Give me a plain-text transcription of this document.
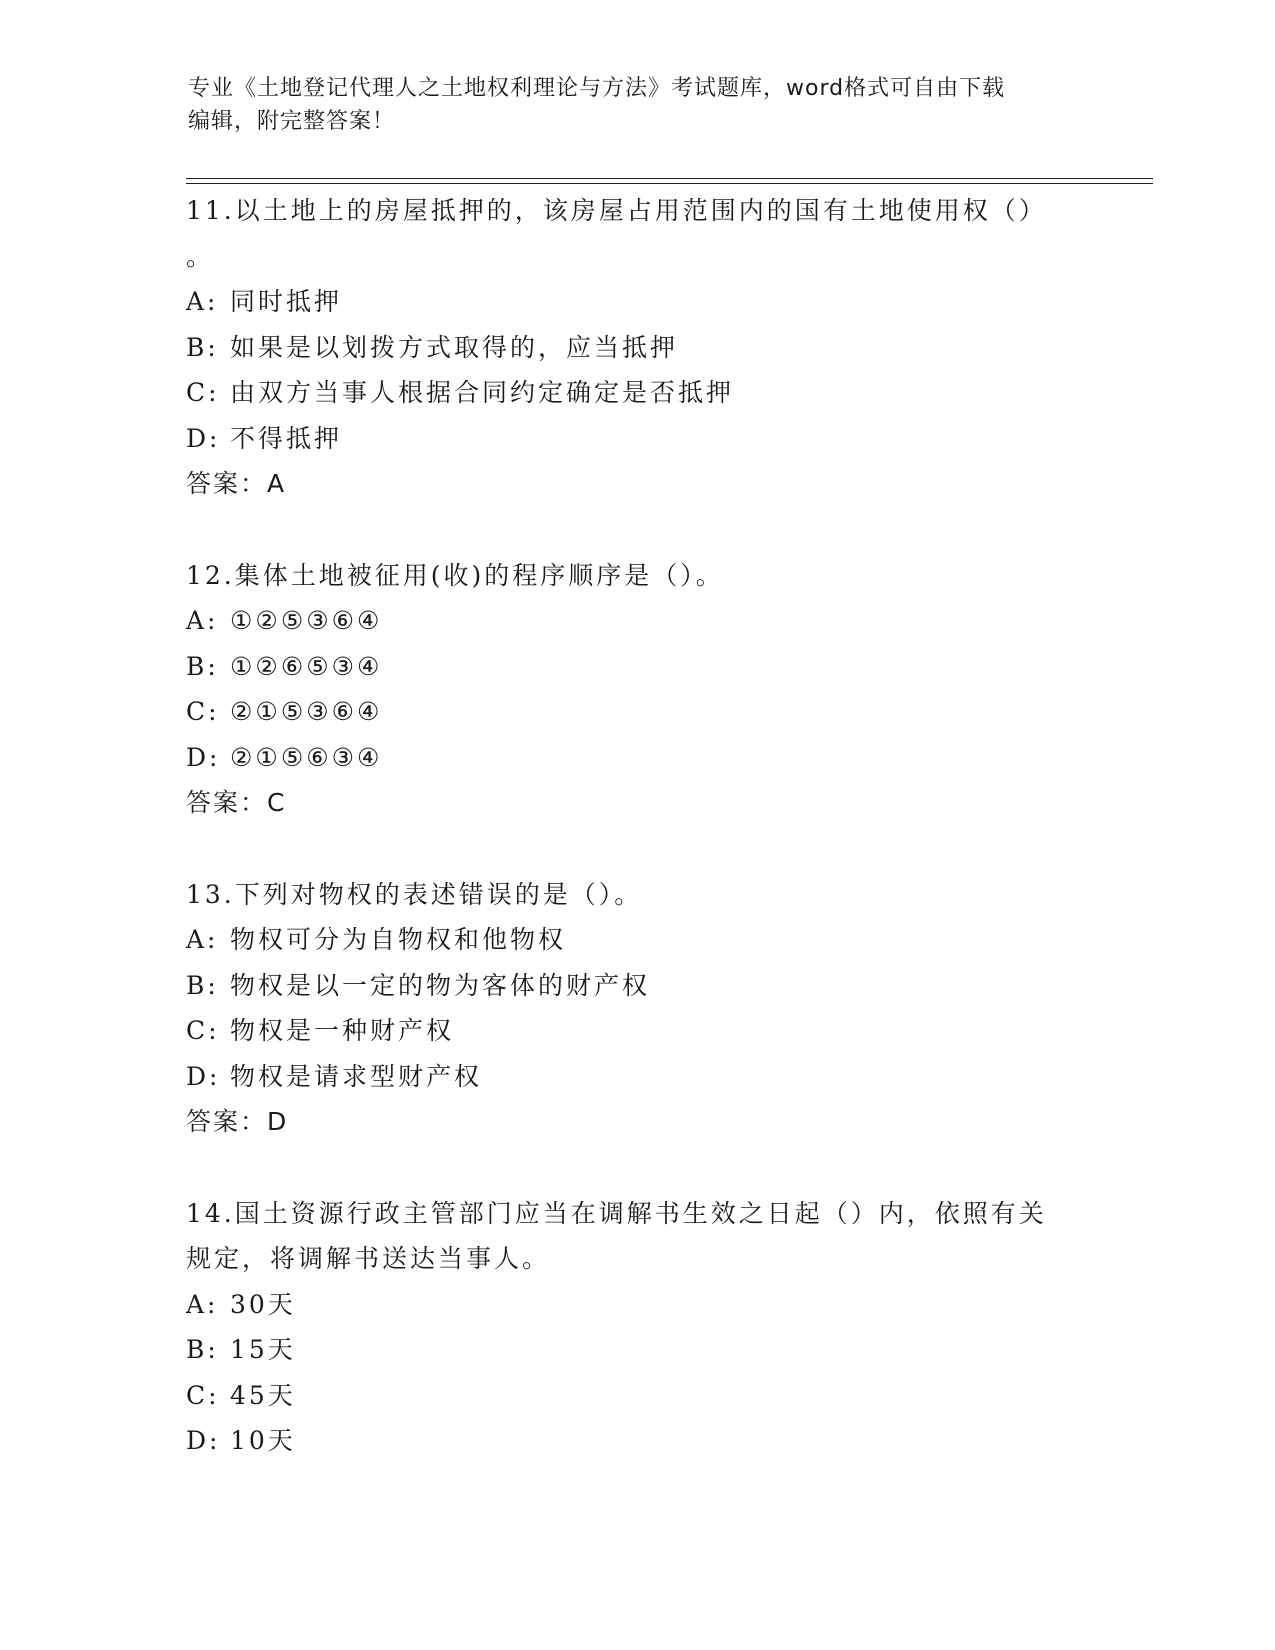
专业《土地登记代理人之土地权利理论与方法》考试题库，word格式可自由下载
编辑，附完整答案！
11.以土地上的房屋抵押的，该房屋占用范围内的国有土地使用权（）
。
A: 同时抵押
B: 如果是以划拨方式取得的，应当抵押
C: 由双方当事人根据合同约定确定是否抵押
D: 不得抵押
答案：A
12.集体土地被征用(收)的程序顺序是（）。
A: ①②⑤③⑥④
B: ①②⑥⑤③④
C: ②①⑤③⑥④
D: ②①⑤⑥③④
答案：C
13.下列对物权的表述错误的是（）。
A: 物权可分为自物权和他物权
B: 物权是以一定的物为客体的财产权
C: 物权是一种财产权
D: 物权是请求型财产权
答案：D
14.国土资源行政主管部门应当在调解书生效之日起（）内，依照有关
规定，将调解书送达当事人。
A: 30天
B: 15天
C: 45天
D: 10天
